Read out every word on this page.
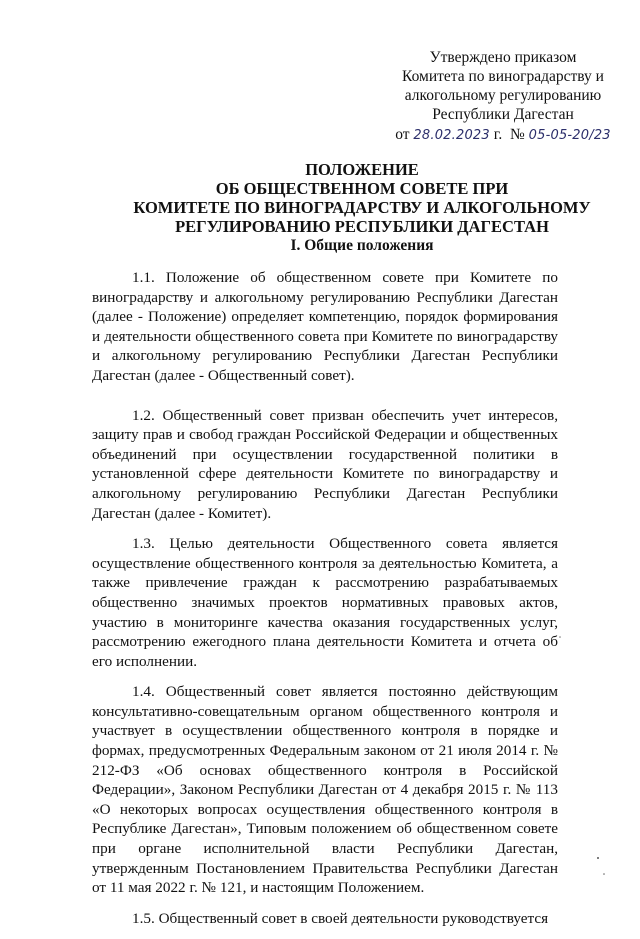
Утверждено приказом
Комитета по виноградарству и
алкогольному регулированию
Республики Дагестан
от 28.02.2023 г. № 05-05-20/23
ПОЛОЖЕНИЕ
ОБ ОБЩЕСТВЕННОМ СОВЕТЕ ПРИ
КОМИТЕТЕ ПО ВИНОГРАДАРСТВУ И АЛКОГОЛЬНОМУ
РЕГУЛИРОВАНИЮ РЕСПУБЛИКИ ДАГЕСТАН
I. Общие положения

1.1. Положение об общественном совете при Комитете по виноградарству и алкогольному регулированию Республики Дагестан (далее - Положение) определяет компетенцию, порядок формирования и деятельности общественного совета при Комитете по виноградарству и алкогольному регулированию Республики Дагестан Республики Дагестан (далее - Общественный совет).

1.2. Общественный совет призван обеспечить учет интересов, защиту прав и свобод граждан Российской Федерации и общественных объединений при осуществлении государственной политики в установленной сфере деятельности Комитете по виноградарству и алкогольному регулированию Республики Дагестан Республики Дагестан (далее - Комитет).

1.3. Целью деятельности Общественного совета является осуществление общественного контроля за деятельностью Комитета, а также привлечение граждан к рассмотрению разрабатываемых общественно значимых проектов нормативных правовых актов, участию в мониторинге качества оказания государственных услуг, рассмотрению ежегодного плана деятельности Комитета и отчета об его исполнении.

1.4. Общественный совет является постоянно действующим консультативно-совещательным органом общественного контроля и участвует в осуществлении общественного контроля в порядке и формах, предусмотренных Федеральным законом от 21 июля 2014 г. № 212-ФЗ «Об основах общественного контроля в Российской Федерации», Законом Республики Дагестан от 4 декабря 2015 г. № 113 «О некоторых вопросах осуществления общественного контроля в Республике Дагестан», Типовым положением об общественном совете при органе исполнительной власти Республики Дагестан, утвержденным Постановлением Правительства Республики Дагестан от 11 мая 2022 г. № 121, и настоящим Положением.

1.5. Общественный совет в своей деятельности руководствуется
